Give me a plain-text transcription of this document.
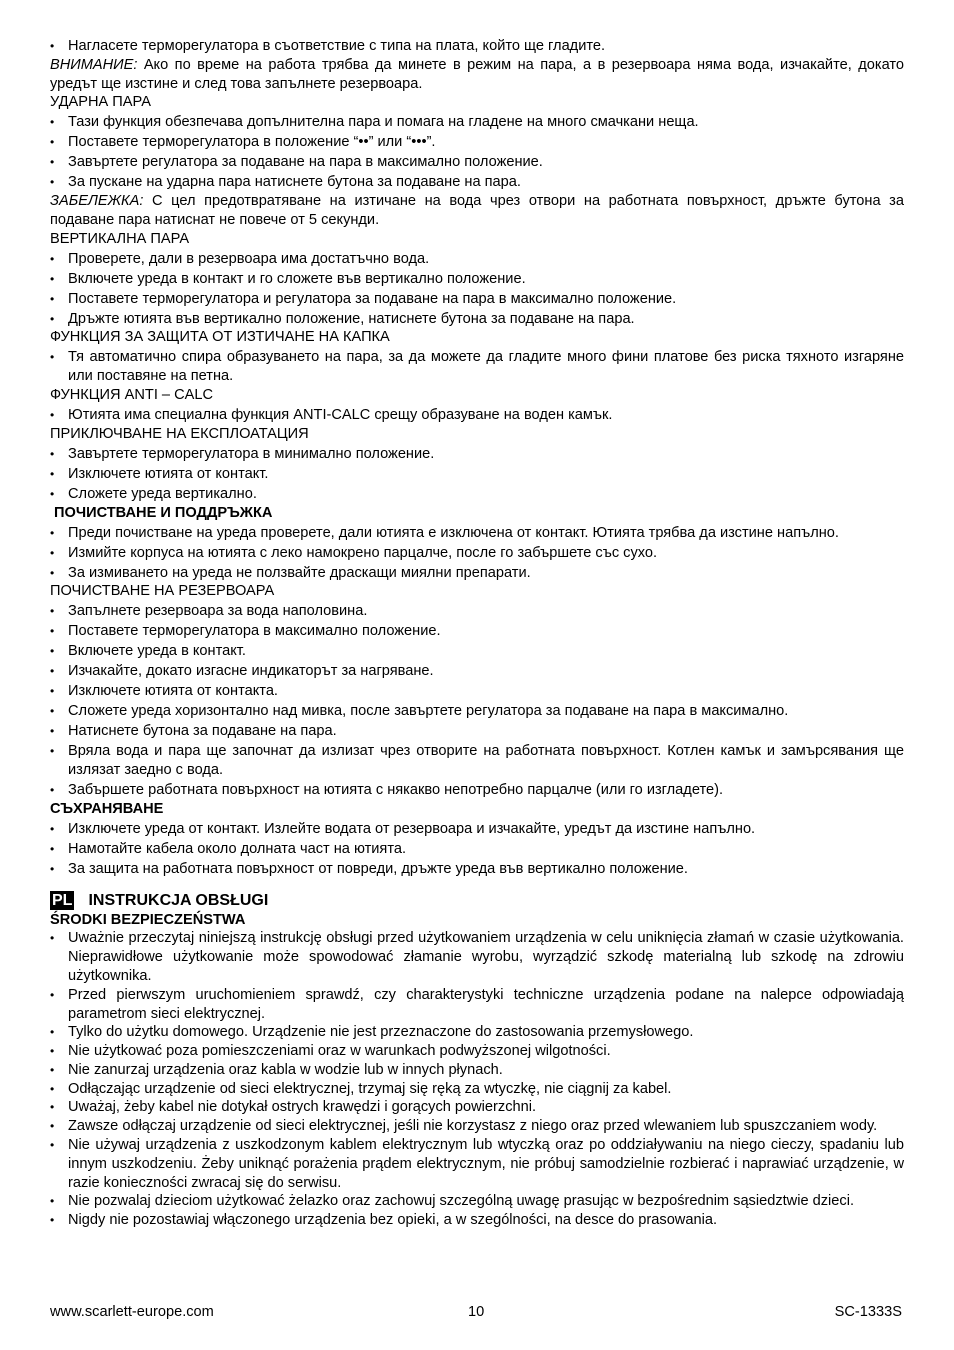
• Нагласете терморегулатора в съответствие с типа на плата, който ще гладите.
ВНИМАНИЕ: Ако по време на работа трябва да минете в режим на пара, а в резервоара няма вода, изчакайте, докато уредът ще изстине и след това запълнете резервоара.
УДАРНА ПАРА
• Тази функция обезпечава допълнителна пара и помага на гладене на много смачкани неща.
• Поставете терморегулатора в положение “••” или “•••”.
• Завъртете регулатора за подаване на пара в максимално положение.
• За пускане на ударна пара натиснете бутона за подаване на пара.
ЗАБЕЛЕЖКА: С цел предотвратяване на изтичане на вода чрез отвори на работната повърхност, дръжте бутона за подаване пара натиснат не повече от 5 секунди.
ВЕРТИКАЛНА ПАРА
• Проверете, дали в резервоара има достатъчно вода.
• Включете уреда в контакт и го сложете във вертикално положение.
• Поставете терморегулатора и регулатора за подаване на пара в максимално положение.
• Дръжте ютията във вертикално положение, натиснете бутона за подаване на пара.
ФУНКЦИЯ ЗА ЗАЩИТА ОТ ИЗТИЧАНЕ НА КАПКА
• Тя автоматично спира образуването на пара, за да можете да гладите много фини платове без риска тяхното изгаряне или поставяне на петна.
ФУНКЦИЯ ANTI – CALC
• Ютията има специална функция ANTI-CALC срещу образуване на воден камък.
ПРИКЛЮЧВАНЕ НА ЕКСПЛОАТАЦИЯ
• Завъртете терморегулатора в минимално положение.
• Изключете ютията от контакт.
• Сложете уреда вертикално.
ПОЧИСТВАНЕ И ПОДДРЪЖКА
• Преди почистване на уреда проверете, дали ютията е изключена от контакт. Ютията трябва да изстине напълно.
• Измийте корпуса на ютията с леко намокрено парцалче, после го забършете със сухо.
• За измиването на уреда не ползвайте драскащи миялни препарати.
ПОЧИСТВАНЕ НА РЕЗЕРВОАРА
• Запълнете резервоара за вода наполовина.
• Поставете терморегулатора в максимално положение.
• Включете уреда в контакт.
• Изчакайте, докато изгасне индикаторът за нагряване.
• Изключете ютията от контакта.
• Сложете уреда хоризонтално над мивка, после завъртете регулатора за подаване на пара в максимално.
• Натиснете бутона за подаване на пара.
• Вряла вода и пара ще започнат да излизат чрез отворите на работната повърхност. Котлен камък и замърсявания ще излязат заедно с вода.
• Забършете работната повърхност на ютията с някакво непотребно парцалче (или го изгладете).
СЪХРАНЯВАНЕ
• Изключете уреда от контакт. Излейте водата от резервоара и изчакайте, уредът да изстине напълно.
• Намотайте кабела около долната част на ютията.
• За защита на работната повърхност от повреди, дръжте уреда във вертикално положение.
PL INSTRUKCJA OBSŁUGI
ŚRODKI BEZPIECZEŃSTWA
• Uważnie przeczytaj niniejszą instrukcję obsługi przed użytkowaniem urządzenia w celu uniknięcia złamań w czasie użytkowania. Nieprawidłowe użytkowanie może spowodować złamanie wyrobu, wyrządzić szkodę materialną lub szkodę na zdrowiu użytkownika.
• Przed pierwszym uruchomieniem sprawdź, czy charakterystyki techniczne urządzenia podane na nalepce odpowiadają parametrom sieci elektrycznej.
• Tylko do użytku domowego. Urządzenie nie jest przeznaczone do zastosowania przemysłowego.
• Nie użytkować poza pomieszczeniami oraz w warunkach podwyższonej wilgotności.
• Nie zanurzaj urządzenia oraz kabla w wodzie lub w innych płynach.
• Odłączając urządzenie od sieci elektrycznej, trzymaj się ręką za wtyczkę, nie ciągnij za kabel.
• Uważaj, żeby kabel nie dotykał ostrych krawędzi i gorących powierzchni.
• Zawsze odłączaj urządzenie od sieci elektrycznej, jeśli nie korzystasz z niego oraz przed wlewaniem lub spuszczaniem wody.
• Nie używaj urządzenia z uszkodzonym kablem elektrycznym lub wtyczką oraz po oddziaływaniu na niego cieczy, spadaniu lub innym uszkodzeniu. Żeby uniknąć porażenia prądem elektrycznym, nie próbuj samodzielnie rozbierać i naprawiać urządzenie, w razie konieczności zwracaj się do serwisu.
• Nie pozwalaj dzieciom użytkować żelazko oraz zachowuj szczególną uwagę prasując w bezpośrednim sąsiedztwie dzieci.
• Nigdy nie pozostawiaj włączonego urządzenia bez opieki, a w szególności, na desce do prasowania.
www.scarlett-europe.com	10	SC-1333S
